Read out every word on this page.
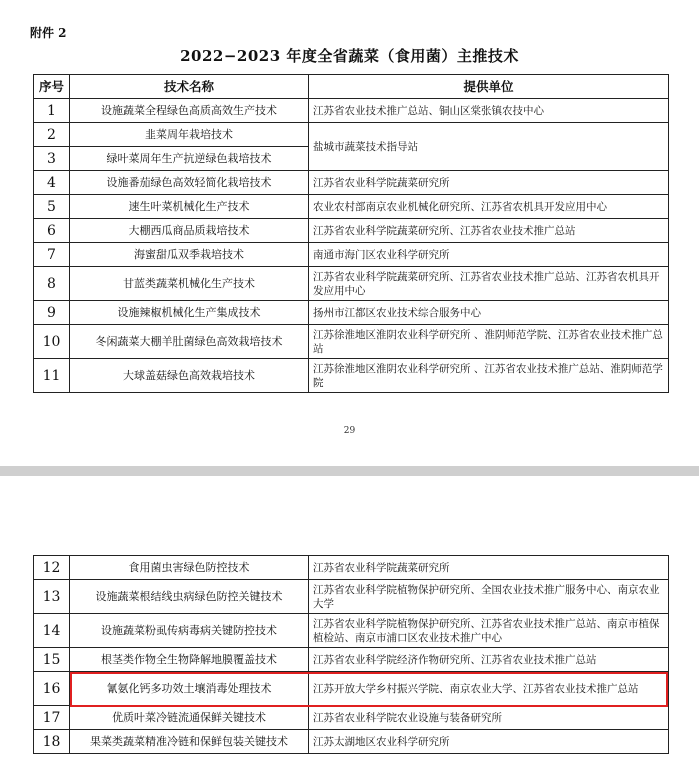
附件 2
2022−2023 年度全省蔬菜（食用菌）主推技术
序号	技术名称	提供单位
1	设施蔬菜全程绿色高质高效生产技术	江苏省农业技术推广总站、铜山区棠张镇农技中心
2	韭菜周年栽培技术	盐城市蔬菜技术指导站
3	绿叶菜周年生产抗逆绿色栽培技术	
4	设施番茄绿色高效轻简化栽培技术	江苏省农业科学院蔬菜研究所
5	速生叶菜机械化生产技术	农业农村部南京农业机械化研究所、江苏省农机具开发应用中心
6	大棚西瓜商品质栽培技术	江苏省农业科学院蔬菜研究所、江苏省农业技术推广总站
7	海蜜甜瓜双季栽培技术	南通市海门区农业科学研究所
8	甘蓝类蔬菜机械化生产技术	江苏省农业科学院蔬菜研究所、江苏省农业技术推广总站、江苏省农机具开发应用中心
9	设施辣椒机械化生产集成技术	扬州市江都区农业技术综合服务中心
10	冬闲蔬菜大棚羊肚菌绿色高效栽培技术	江苏徐淮地区淮阴农业科学研究所 、淮阴师范学院、江苏省农业技术推广总站
11	大球盖菇绿色高效栽培技术	江苏徐淮地区淮阴农业科学研究所 、江苏省农业技术推广总站、淮阴师范学院
29
12	食用菌虫害绿色防控技术	江苏省农业科学院蔬菜研究所
13	设施蔬菜根结线虫病绿色防控关键技术	江苏省农业科学院植物保护研究所、全国农业技术推广服务中心、南京农业大学
14	设施蔬菜粉虱传病毒病关键防控技术	江苏省农业科学院植物保护研究所、江苏省农业技术推广总站、南京市植保植检站、南京市浦口区农业技术推广中心
15	根茎类作物全生物降解地膜覆盖技术	江苏省农业科学院经济作物研究所、江苏省农业技术推广总站
16	氰氨化钙多功效土壤消毒处理技术	江苏开放大学乡村振兴学院、南京农业大学、江苏省农业技术推广总站
17	优质叶菜冷链流通保鲜关键技术	江苏省农业科学院农业设施与装备研究所
18	果菜类蔬菜精准冷链和保鲜包装关键技术	江苏太湖地区农业科学研究所
